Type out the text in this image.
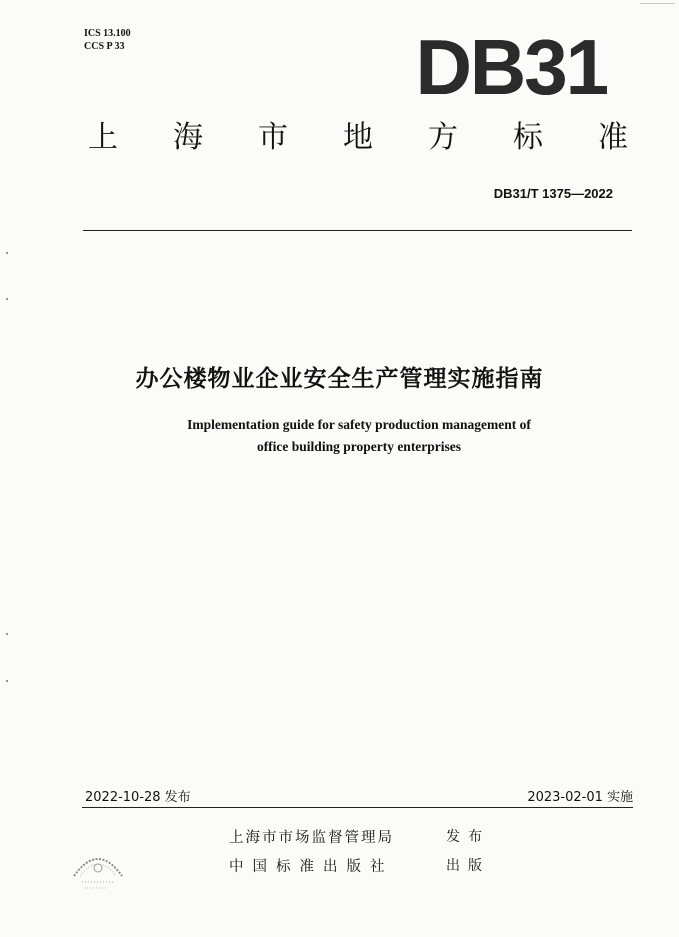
ICS 13.100
CCS P 33	DB31
上 海 市 地 方 标 准
DB31/T 1375—2022
办公楼物业企业安全生产管理实施指南
Implementation guide for safety production management of
office building property enterprises
2022-10-28 发布	2023-02-01 实施
上海市市场监督管理局	发布
中国标准出版社	出版
